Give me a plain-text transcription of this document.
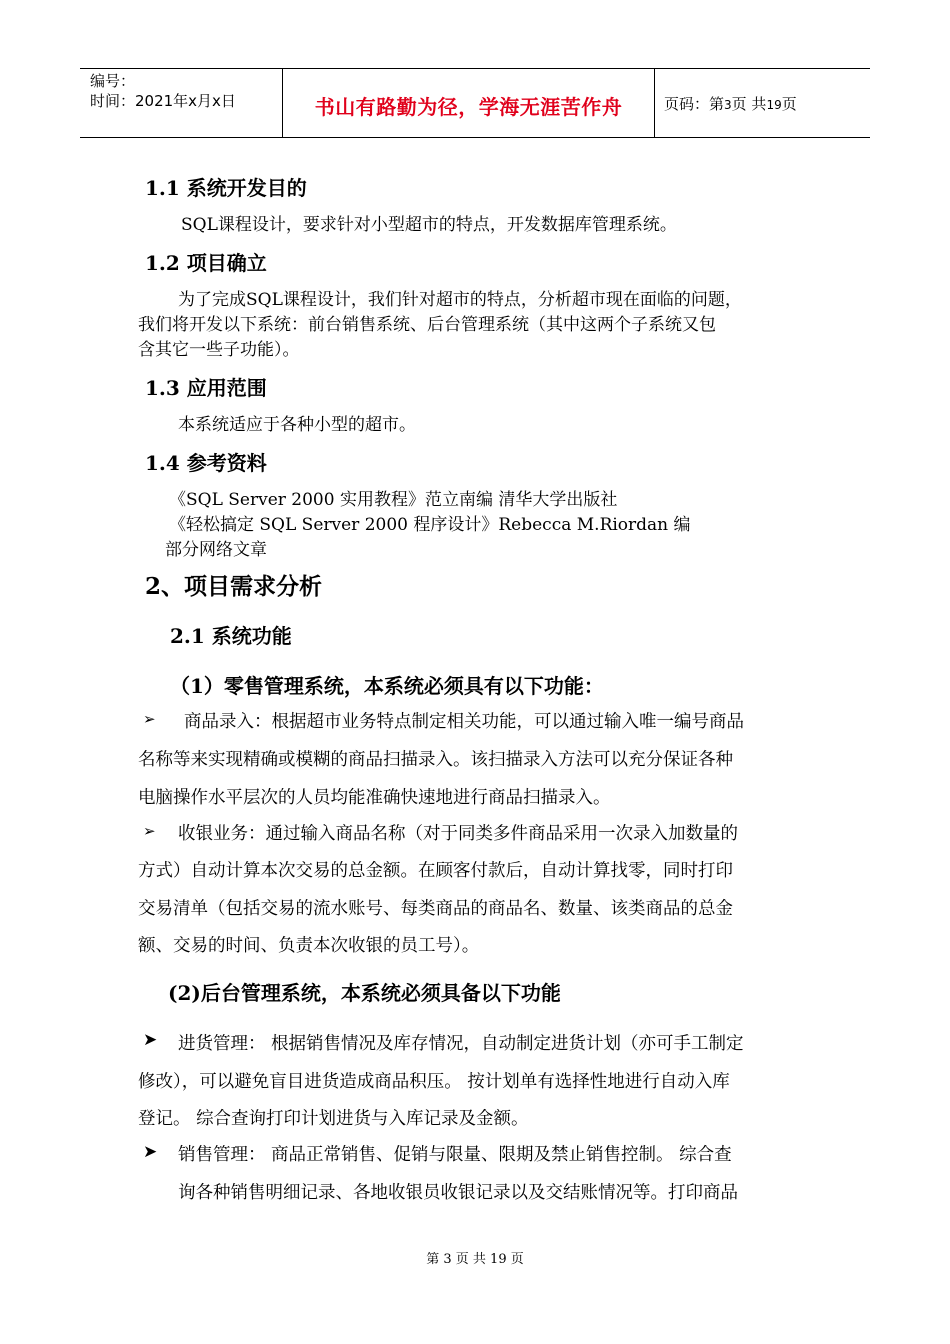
编号：
时间：2021年x月x日	书山有路勤为径，学海无涯苦作舟	页码：第3页 共19页
1.1 系统开发目的
SQL课程设计，要求针对小型超市的特点，开发数据库管理系统。
1.2 项目确立
为了完成SQL课程设计，我们针对超市的特点，分析超市现在面临的问题，
我们将开发以下系统：前台销售系统、后台管理系统（其中这两个子系统又包
含其它一些子功能）。
1.3 应用范围
本系统适应于各种小型的超市。
1.4 参考资料
《SQL Server 2000 实用教程》范立南编 清华大学出版社
《轻松搞定 SQL Server 2000 程序设计》Rebecca M.Riordan 编
部分网络文章
2、项目需求分析
2.1 系统功能
（1）零售管理系统，本系统必须具有以下功能：
➢ 商品录入：根据超市业务特点制定相关功能，可以通过输入唯一编号商品
名称等来实现精确或模糊的商品扫描录入。该扫描录入方法可以充分保证各种
电脑操作水平层次的人员均能准确快速地进行商品扫描录入。
➢ 收银业务：通过输入商品名称（对于同类多件商品采用一次录入加数量的
方式）自动计算本次交易的总金额。在顾客付款后，自动计算找零，同时打印
交易清单（包括交易的流水账号、每类商品的商品名、数量、该类商品的总金
额、交易的时间、负责本次收银的员工号）。
(2)后台管理系统，本系统必须具备以下功能
➤ 进货管理： 根据销售情况及库存情况，自动制定进货计划（亦可手工制定
修改），可以避免盲目进货造成商品积压。 按计划单有选择性地进行自动入库
登记。 综合查询打印计划进货与入库记录及金额。
➤ 销售管理： 商品正常销售、促销与限量、限期及禁止销售控制。 综合查
询各种销售明细记录、各地收银员收银记录以及交结账情况等。打印商品
第 3 页 共 19 页
